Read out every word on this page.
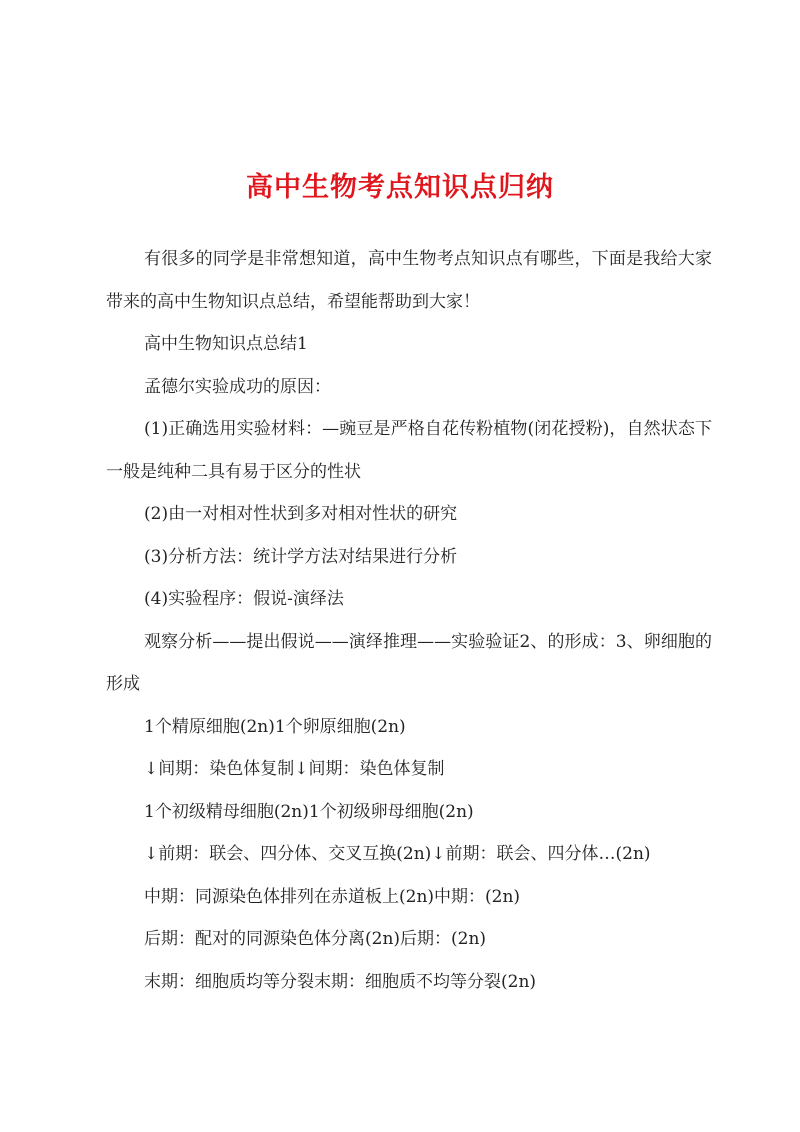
高中生物考点知识点归纳

有很多的同学是非常想知道，高中生物考点知识点有哪些，下面是我给大家带来的高中生物知识点总结，希望能帮助到大家！

高中生物知识点总结1

孟德尔实验成功的原因：

(1)正确选用实验材料：—豌豆是严格自花传粉植物(闭花授粉)，自然状态下一般是纯种二具有易于区分的性状

(2)由一对相对性状到多对相对性状的研究

(3)分析方法：统计学方法对结果进行分析

(4)实验程序：假说-演绎法

观察分析——提出假说——演绎推理——实验验证2、的形成：3、卵细胞的形成

1个精原细胞(2n)1个卵原细胞(2n)

↓间期：染色体复制↓间期：染色体复制

1个初级精母细胞(2n)1个初级卵母细胞(2n)

↓前期：联会、四分体、交叉互换(2n)↓前期：联会、四分体…(2n)

中期：同源染色体排列在赤道板上(2n)中期：(2n)

后期：配对的同源染色体分离(2n)后期：(2n)

末期：细胞质均等分裂末期：细胞质不均等分裂(2n)
